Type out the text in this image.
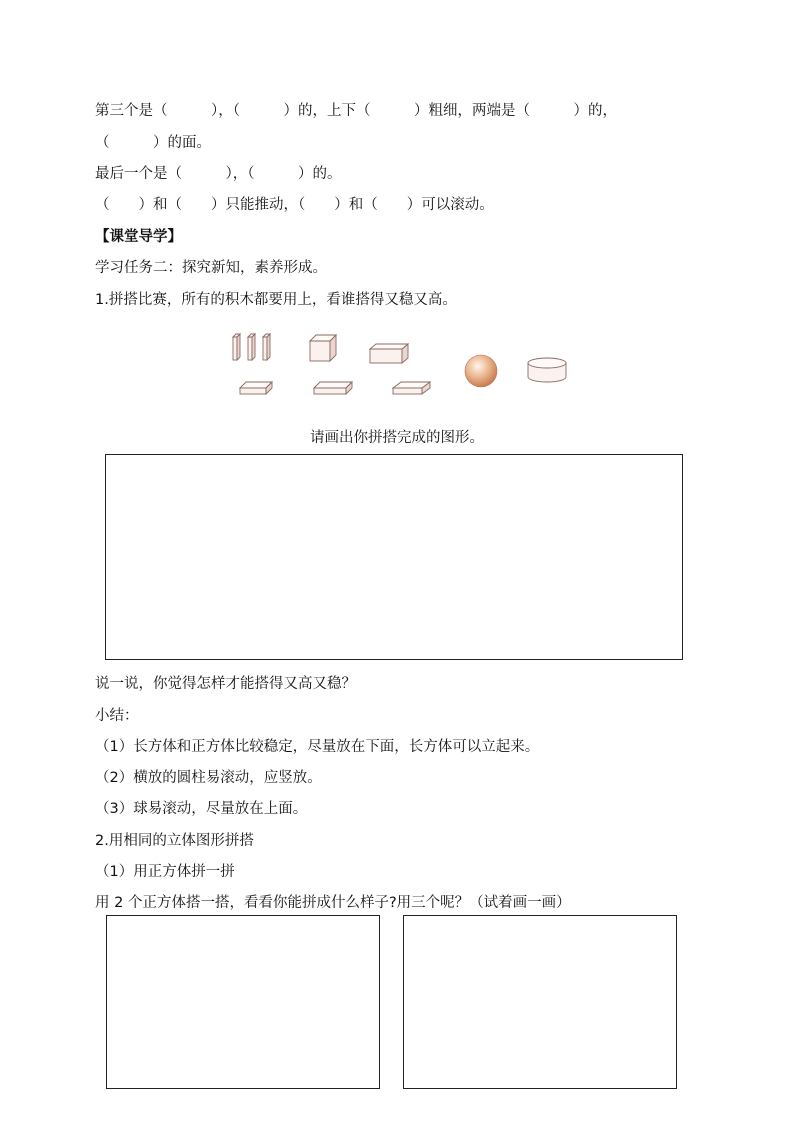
第三个是（　　　），（　　　）的，上下（　　　）粗细，两端是（　　　）的，
（　　　）的面。
最后一个是（　　　），（　　　）的。
（　　）和（　　）只能推动，（　　）和（　　）可以滚动。
【课堂导学】
学习任务二：探究新知，素养形成。
1.拼搭比赛，所有的积木都要用上，看谁搭得又稳又高。
请画出你拼搭完成的图形。
说一说，你觉得怎样才能搭得又高又稳？
小结：
（1）长方体和正方体比较稳定，尽量放在下面，长方体可以立起来。
（2）横放的圆柱易滚动，应竖放。
（3）球易滚动，尽量放在上面。
2.用相同的立体图形拼搭
（1）用正方体拼一拼
用 2 个正方体搭一搭，看看你能拼成什么样子?用三个呢？（试着画一画）
